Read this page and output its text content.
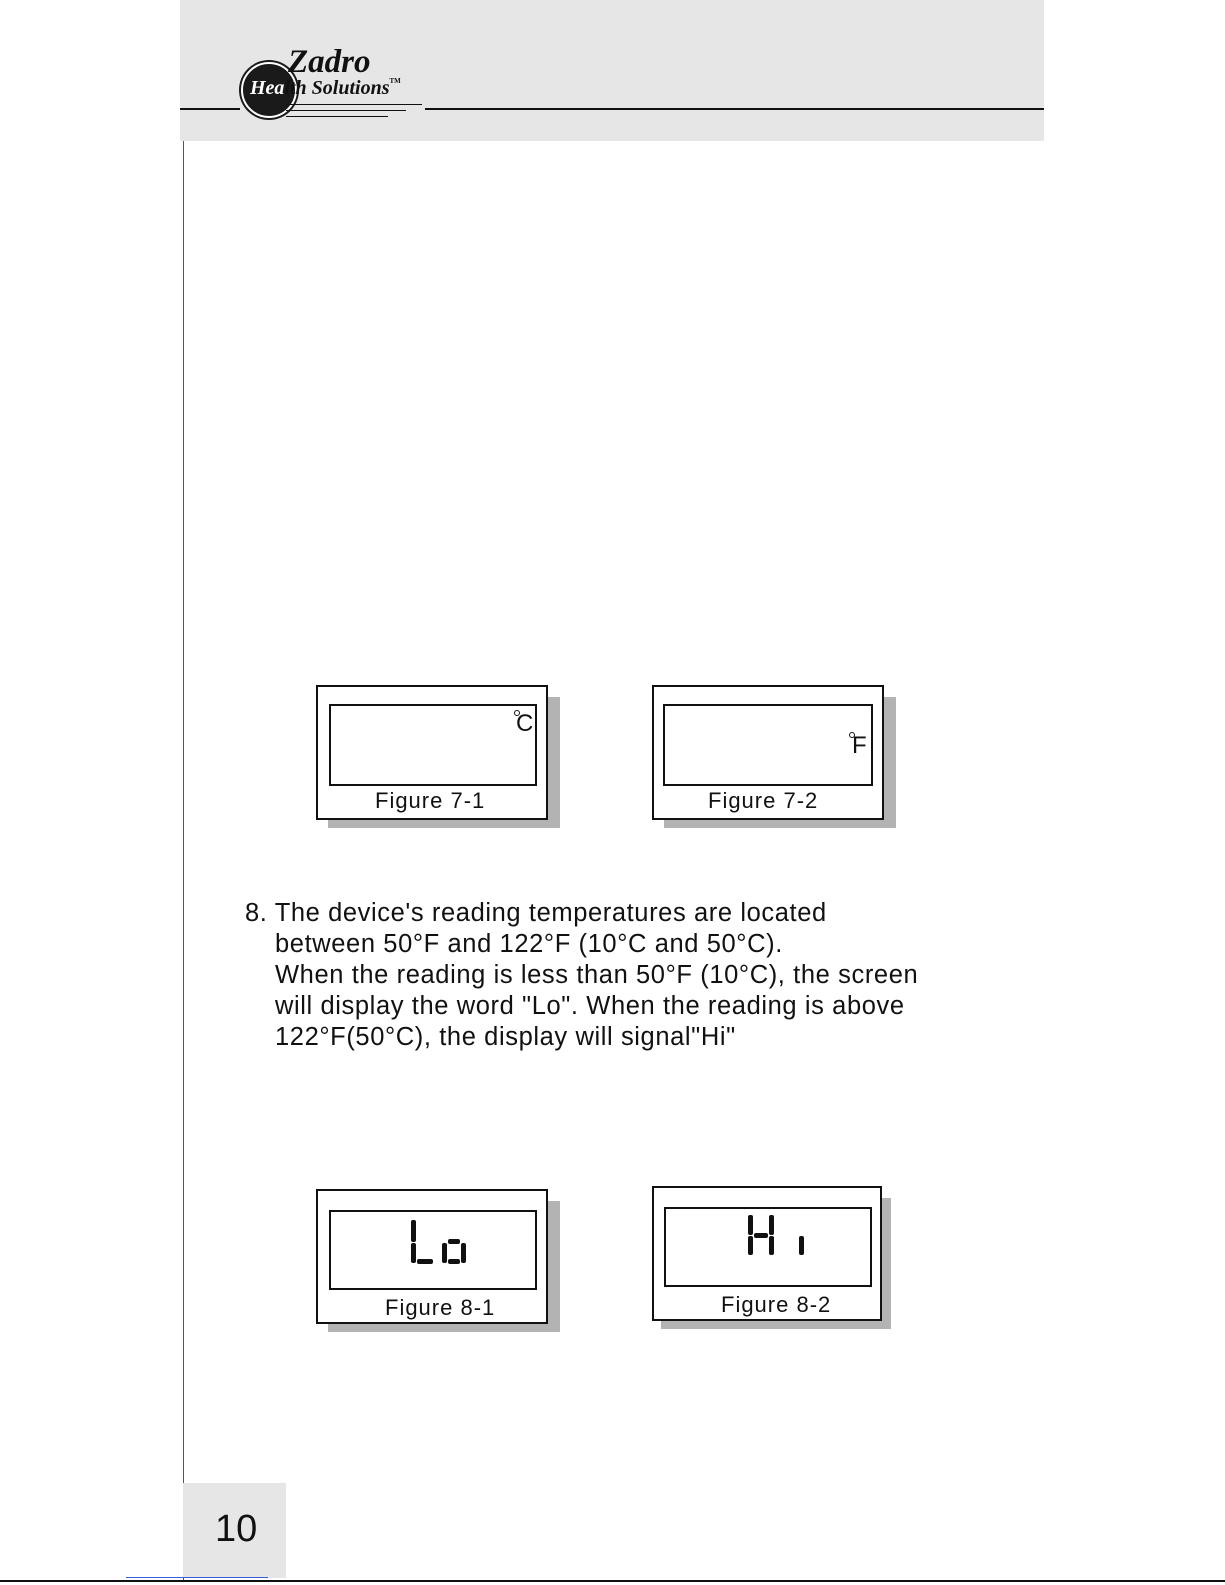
Zadro
Health Solutions™
C
Figure 7-1
F
Figure 7-2
8. The device's reading temperatures are located
between 50°F and 122°F (10°C and 50°C).
When the reading is less than 50°F (10°C), the screen
will display the word "Lo". When the reading is above
122°F(50°C), the display will signal"Hi"
Figure 8-1	Figure 8-2
10
